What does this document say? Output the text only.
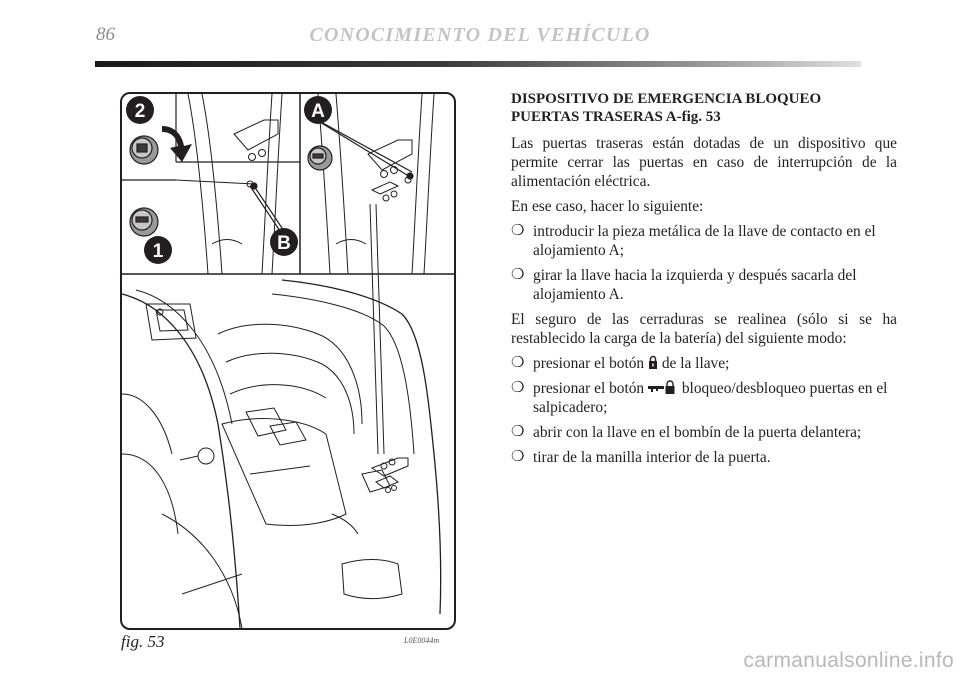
86	CONOCIMIENTO DEL VEHÍCULO
2	A
1	B
fig. 53	L0E0044m
DISPOSITIVO DE EMERGENCIA BLOQUEO
PUERTAS TRASERAS A-fig. 53

Las puertas traseras están dotadas de un dispositivo que permite cerrar las puertas en caso de interrupción de la alimentación eléctrica.

En ese caso, hacer lo siguiente:

❍ introducir la pieza metálica de la llave de contacto en el alojamiento A;
❍ girar la llave hacia la izquierda y después sacarla del alojamiento A.

El seguro de las cerraduras se realinea (sólo si se ha restablecido la carga de la batería) del siguiente modo:

❍ presionar el botón de la llave;
❍ presionar el botón bloqueo/desbloqueo puertas en el salpicadero;
❍ abrir con la llave en el bombín de la puerta delantera;
❍ tirar de la manilla interior de la puerta.
carmanualsonline.info
